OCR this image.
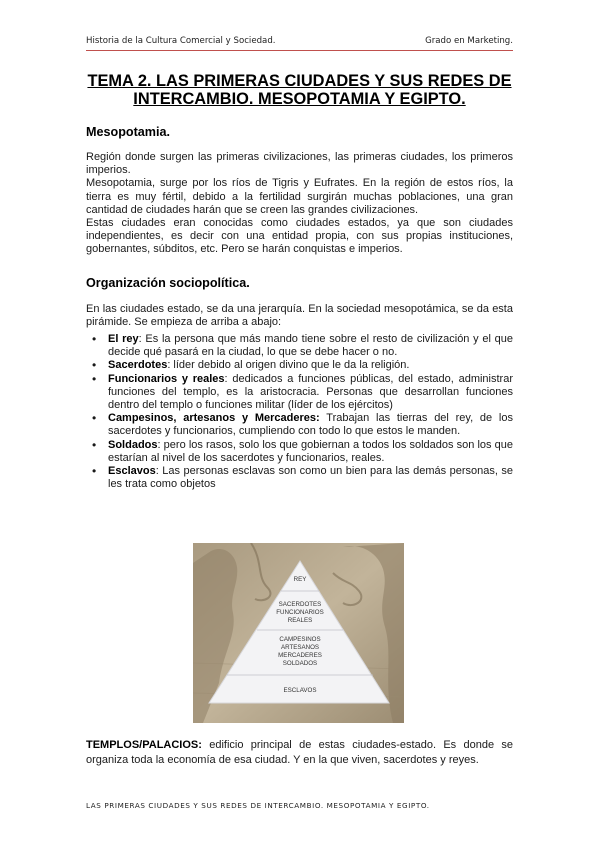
Historia de la Cultura Comercial y Sociedad.	Grado en Marketing.
TEMA 2. LAS PRIMERAS CIUDADES Y SUS REDES DE
INTERCAMBIO. MESOPOTAMIA Y EGIPTO.
Mesopotamia.

Región donde surgen las primeras civilizaciones, las primeras ciudades, los primeros imperios.

Mesopotamia, surge por los ríos de Tigris y Eufrates. En la región de estos ríos, la tierra es muy fértil, debido a la fertilidad surgirán muchas poblaciones, una gran cantidad de ciudades harán que se creen las grandes civilizaciones.

Estas ciudades eran conocidas como ciudades estados, ya que son ciudades independientes, es decir con una entidad propia, con sus propias instituciones, gobernantes, súbditos, etc. Pero se harán conquistas e imperios.

Organización sociopolítica.

En las ciudades estado, se da una jerarquía. En la sociedad mesopotámica, se da esta pirámide. Se empieza de arriba a abajo:

• El rey: Es la persona que más mando tiene sobre el resto de civilización y el que decide qué pasará en la ciudad, lo que se debe hacer o no.
• Sacerdotes: líder debido al origen divino que le da la religión.
• Funcionarios y reales: dedicados a funciones públicas, del estado, administrar funciones del templo, es la aristocracia. Personas que desarrollan funciones dentro del templo o funciones militar (líder de los ejércitos)
• Campesinos, artesanos y Mercaderes: Trabajan las tierras del rey, de los sacerdotes y funcionarios, cumpliendo con todo lo que estos le manden.
• Soldados: pero los rasos, solo los que gobiernan a todos los soldados son los que estarían al nivel de los sacerdotes y funcionarios, reales.
• Esclavos: Las personas esclavas son como un bien para las demás personas, se les trata como objetos
REY
SACERDOTES
FUNCIONARIOS
REALES
CAMPESINOS
ARTESANOS
MERCADERES
SOLDADOS
ESCLAVOS
TEMPLOS/PALACIOS: edificio principal de estas ciudades-estado. Es donde se organiza toda la economía de esa ciudad. Y en la que viven, sacerdotes y reyes.
LAS PRIMERAS CIUDADES Y SUS REDES DE INTERCAMBIO. MESOPOTAMIA Y EGIPTO.
